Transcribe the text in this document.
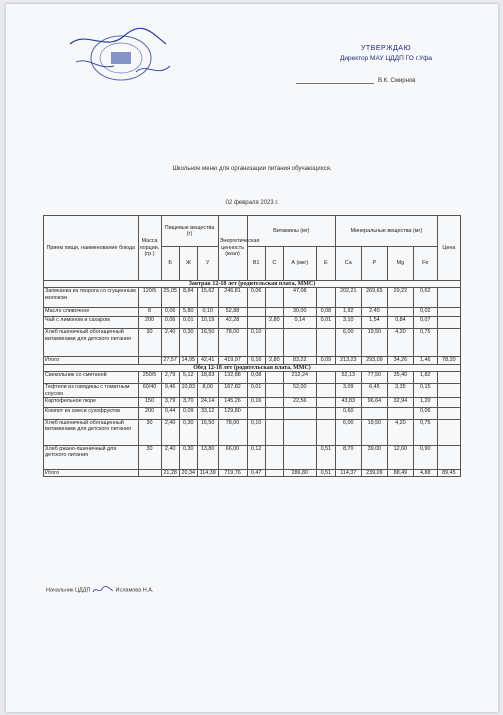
УТВЕРЖДАЮ
Директор МАУ ЦДДП ГО г.Уфа
В.К. Смирнов
Школьное меню для организации питания обучающихся.
02 февраля 2023 г.
Прием пищи, наименование блюда	Масса порции, (гр.)	Пищевые вещества (г)			Энергетическая ценность (ккал)	Витамины (мг)				Минеральные вещества (мг)				Цена
		Б	Ж	У		В1	С	А (мкг)	Е	Са	Р	Mg	Fe	
Завтрак 12-18 лет (родительская плата, ММС)														
Запеканка из творога со сгущенным молоком	120/5	25,05	8,84	15,62	246,81	0,06		47,08		202,21	269,65	29,22	0,62	
Масло сливочное	8	0,06	5,80	0,10	52,88			30,00	0,08	1,92	2,40		0,02	
Чай с лимоном и сахаром	200	0,06	0,01	10,19	42,28		2,80	0,14	0,01	3,10	1,54	0,84	0,07	
Хлеб пшеничный обогащенный витаминами для детского питания	30	2,40	0,30	16,50	78,00	0,10				6,00	19,50	4,20	0,75	
Итого		27,57	14,95	42,41	419,97	0,16	2,80	83,22	0,09	213,23	293,09	34,26	1,46	78,20
Обед 12-18 лет (родительская плата, ММС)														
Свекольник со сметаной	250/5	2,79	5,12	18,83	132,88	0,08		212,24		52,13	77,50	35,40	1,82	
Тефтели из говядины с томатным соусом	60/40	9,46	10,83	8,00	167,82	0,01		52,00		3,09	6,45	3,35	0,15	
Картофельное пюре	150	3,79	3,70	24,14	145,26	0,16		22,56		43,83	96,64	32,94	1,20	
Компот из смеси сухофруктов	200	0,44	0,09	33,12	129,80					0,60			0,06	
Хлеб пшеничный обогащенный витаминами для детского питания	30	2,40	0,30	16,50	78,00	0,10				6,00	19,50	4,20	0,75	
Хлеб ржано-пшеничный для детского питания	30	2,40	0,30	13,80	66,00	0,12			0,51	8,70	39,00	12,60	0,90	
Итого		21,28	20,34	114,39	719,76	0,47		286,80	0,51	114,37	239,09	88,49	4,88	89,45
Начальник ЦДДП	Исламова Н.А.
